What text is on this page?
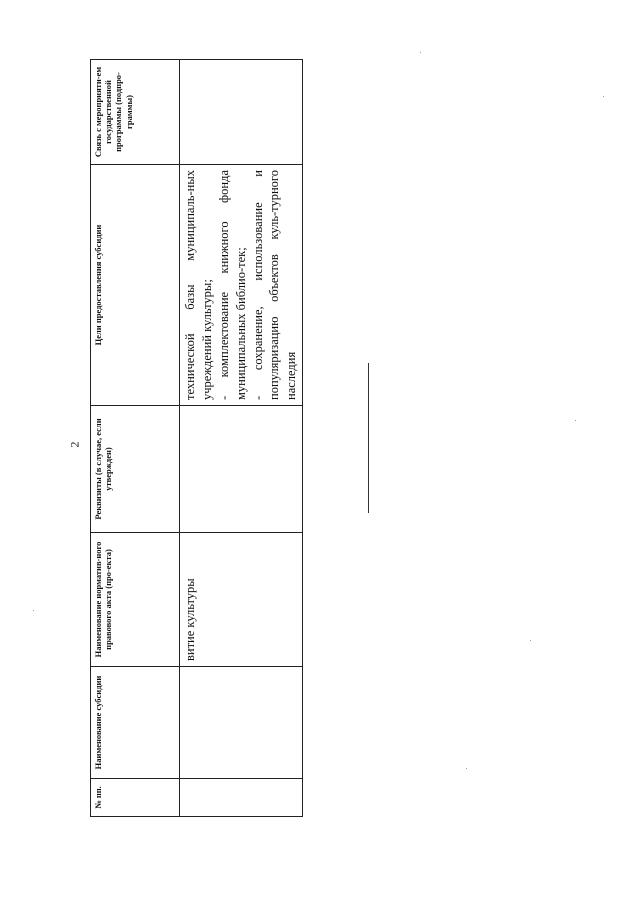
2
№ пп.	Наименование субсидии	Наименование норматив-ного правового акта (про-екта)	Реквизиты (в случае, если утвержден)	Цели предоставления субсидии	Связь с мероприяти-ем государственной программы (подпро-граммы)
		витие культуры		технической базы муниципаль-ных учреждений культуры; - комплектование книжного фонда муниципальных библио-тек; - сохранение, использование и популяризацию объектов куль-турного наследия	
